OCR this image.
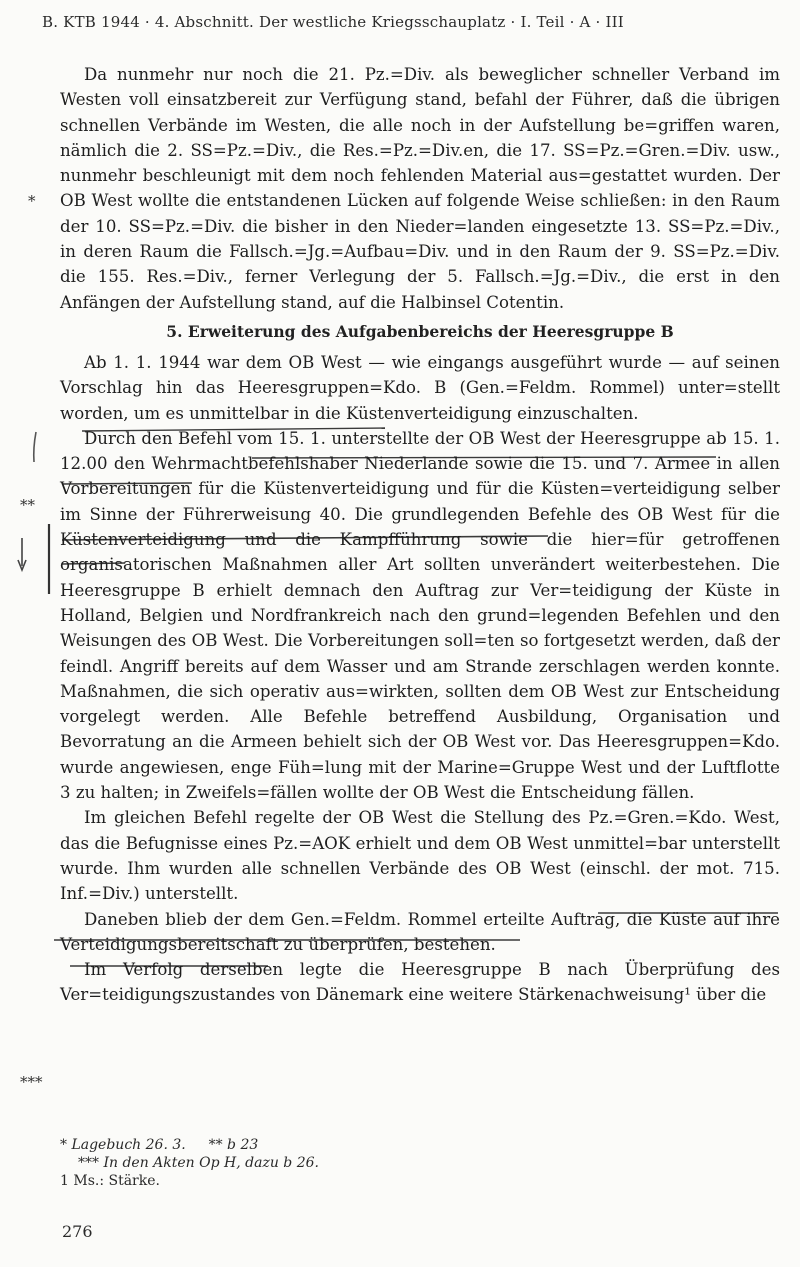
B. KTB 1944 · 4. Abschnitt. Der westliche Kriegsschauplatz · I. Teil · A · III
*
**
***

Da nunmehr nur noch die 21. Pz.=Div. als beweglicher schneller Verband im Westen voll einsatzbereit zur Verfügung stand, befahl der Führer, daß die übrigen schnellen Verbände im Westen, die alle noch in der Aufstellung be=griffen waren, nämlich die 2. SS=Pz.=Div., die Res.=Pz.=Div.en, die 17. SS=Pz.=Gren.=Div. usw., nunmehr beschleunigt mit dem noch fehlenden Material aus=gestattet wurden. Der OB West wollte die entstandenen Lücken auf folgende Weise schließen: in den Raum der 10. SS=Pz.=Div. die bisher in den Nieder=landen eingesetzte 13. SS=Pz.=Div., in deren Raum die Fallsch.=Jg.=Aufbau=Div. und in den Raum der 9. SS=Pz.=Div. die 155. Res.=Div., ferner Verlegung der 5. Fallsch.=Jg.=Div., die erst in den Anfängen der Aufstellung stand, auf die Halbinsel Cotentin.

5. Erweiterung des Aufgabenbereichs der Heeresgruppe B

Ab 1. 1. 1944 war dem OB West — wie eingangs ausgeführt wurde — auf seinen Vorschlag hin das Heeresgruppen=Kdo. B (Gen.=Feldm. Rommel) unter=stellt worden, um es unmittelbar in die Küstenverteidigung einzuschalten.

Durch den Befehl vom 15. 1. unterstellte der OB West der Heeresgruppe ab 15. 1. 12.00 den Wehrmachtbefehlshaber Niederlande sowie die 15. und 7. Armee in allen Vorbereitungen für die Küstenverteidigung und für die Küsten=verteidigung selber im Sinne der Führerweisung 40. Die grundlegenden Befehle des OB West für die Küstenverteidigung und die Kampfführung sowie die hier=für getroffenen organisatorischen Maßnahmen aller Art sollten unverändert weiterbestehen. Die Heeresgruppe B erhielt demnach den Auftrag zur Ver=teidigung der Küste in Holland, Belgien und Nordfrankreich nach den grund=legenden Befehlen und den Weisungen des OB West. Die Vorbereitungen soll=ten so fortgesetzt werden, daß der feindl. Angriff bereits auf dem Wasser und am Strande zerschlagen werden konnte. Maßnahmen, die sich operativ aus=wirkten, sollten dem OB West zur Entscheidung vorgelegt werden. Alle Befehle betreffend Ausbildung, Organisation und Bevorratung an die Armeen behielt sich der OB West vor. Das Heeresgruppen=Kdo. wurde angewiesen, enge Füh=lung mit der Marine=Gruppe West und der Luftflotte 3 zu halten; in Zweifels=fällen wollte der OB West die Entscheidung fällen.

Im gleichen Befehl regelte der OB West die Stellung des Pz.=Gren.=Kdo. West, das die Befugnisse eines Pz.=AOK erhielt und dem OB West unmittel=bar unterstellt wurde. Ihm wurden alle schnellen Verbände des OB West (einschl. der mot. 715. Inf.=Div.) unterstellt.

Daneben blieb der dem Gen.=Feldm. Rommel erteilte Auftrag, die Küste auf ihre Verteidigungsbereitschaft zu überprüfen, bestehen.

Im Verfolg derselben legte die Heeresgruppe B nach Überprüfung des Ver=teidigungszustandes von Dänemark eine weitere Stärkenachweisung¹ über die

* Lagebuch 26. 3. ** b 23

*** In den Akten Op H, dazu b 26.

1 Ms.: Stärke.

276
